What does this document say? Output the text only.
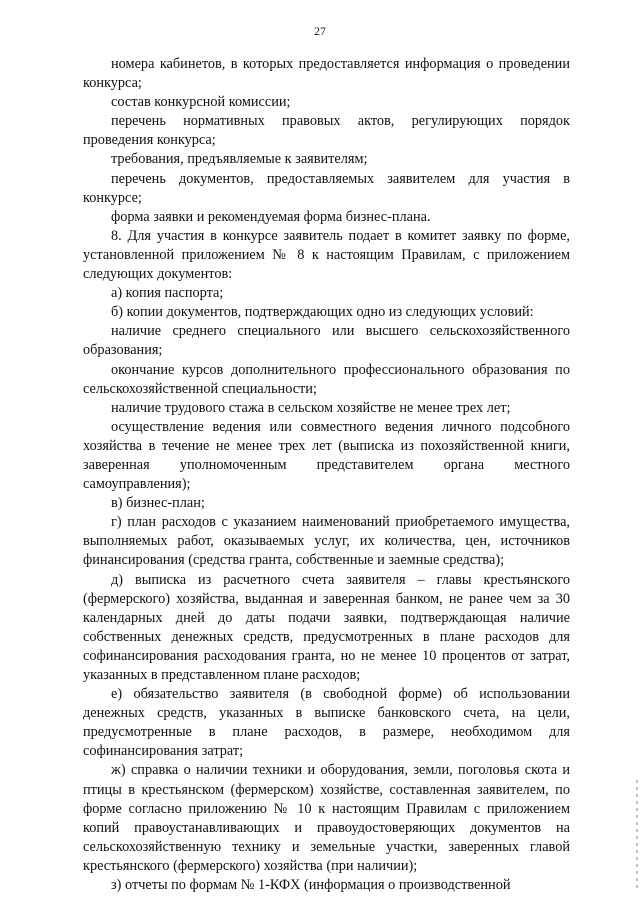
27

номера кабинетов, в которых предоставляется информация о проведении конкурса;

состав конкурсной комиссии;

перечень нормативных правовых актов, регулирующих порядок проведения конкурса;

требования, предъявляемые к заявителям;

перечень документов, предоставляемых заявителем для участия в конкурсе;

форма заявки и рекомендуемая форма бизнес-плана.

8. Для участия в конкурсе заявитель подает в комитет заявку по форме, установленной приложением № 8 к настоящим Правилам, с приложением следующих документов:

а) копия паспорта;

б) копии документов, подтверждающих одно из следующих условий:

наличие среднего специального или высшего сельскохозяйственного образования;

окончание курсов дополнительного профессионального образования по сельскохозяйственной специальности;

наличие трудового стажа в сельском хозяйстве не менее трех лет;

осуществление ведения или совместного ведения личного подсобного хозяйства в течение не менее трех лет (выписка из похозяйственной книги, заверенная уполномоченным представителем органа местного самоуправления);

в) бизнес-план;

г) план расходов с указанием наименований приобретаемого имущества, выполняемых работ, оказываемых услуг, их количества, цен, источников финансирования (средства гранта, собственные и заемные средства);

д) выписка из расчетного счета заявителя – главы крестьянского (фермерского) хозяйства, выданная и заверенная банком, не ранее чем за 30 календарных дней до даты подачи заявки, подтверждающая наличие собственных денежных средств, предусмотренных в плане расходов для софинансирования расходования гранта, но не менее 10 процентов от затрат, указанных в представленном плане расходов;

е) обязательство заявителя (в свободной форме) об использовании денежных средств, указанных в выписке банковского счета, на цели, предусмотренные в плане расходов, в размере, необходимом для софинансирования затрат;

ж) справка о наличии техники и оборудования, земли, поголовья скота и птицы в крестьянском (фермерском) хозяйстве, составленная заявителем, по форме согласно приложению № 10 к настоящим Правилам с приложением копий правоустанавливающих и правоудостоверяющих документов на сельскохозяйственную технику и земельные участки, заверенных главой крестьянского (фермерского) хозяйства (при наличии);

з) отчеты по формам № 1-КФХ (информация о производственной
